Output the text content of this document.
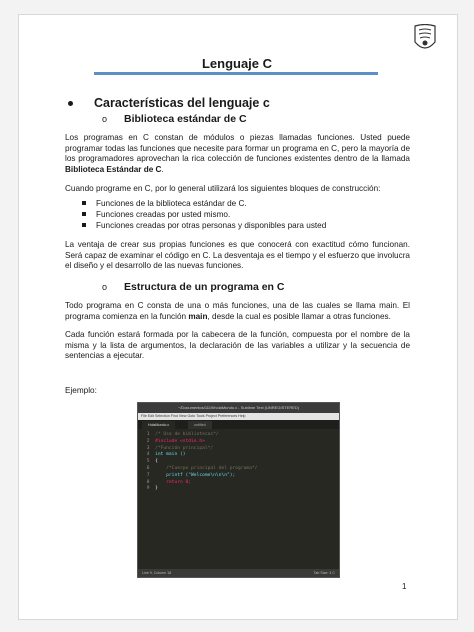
Lenguaje C
Características del lenguaje c
o Biblioteca estándar de C
Los programas en C constan de módulos o piezas llamadas funciones. Usted puede programar todas las funciones que necesite para formar un programa en C, pero la mayoría de los programadores aprovechan la rica colección de funciones existentes dentro de la llamada Biblioteca Estándar de C.
Cuando programe en C, por lo general utilizará los siguientes bloques de construcción:
Funciones de la biblioteca estándar de C.
Funciones creadas por usted mismo.
Funciones creadas por otras personas y disponibles para usted
La ventaja de crear sus propias funciones es que conocerá con exactitud cómo funcionan. Será capaz de examinar el código en C. La desventaja es el tiempo y el esfuerzo que involucra el diseño y el desarrollo de las nuevas funciones.
o Estructura de un programa en C
Todo programa en C consta de una o más funciones, una de las cuales se llama main. El programa comienza en la función main, desde la cual es posible llamar a otras funciones.
Cada función estará formada por la cabecera de la función, compuesta por el nombre de la misma y la lista de argumentos, la declaración de las variables a utilizar y la secuencia de sentencias a ejecutar.
Ejemplo:
~/Documentos/1119/holaMundo.c - Sublime Text (UNREGISTERED)
File Edit Selection Find View Goto Tools Project Preferences Help
HolaMundo.c	untitled
1  /* Uso de bibliotecas*/
2  #include <stdio.h>
3  /*Función principal*/
4  int main ()
5  {
6      /*Cuerpo principal del programa*/
7      printf ("Welcome\n\n\n");
8      return 0;
9  }
Line 9, Column 18	Tab Size: 4 C
1
